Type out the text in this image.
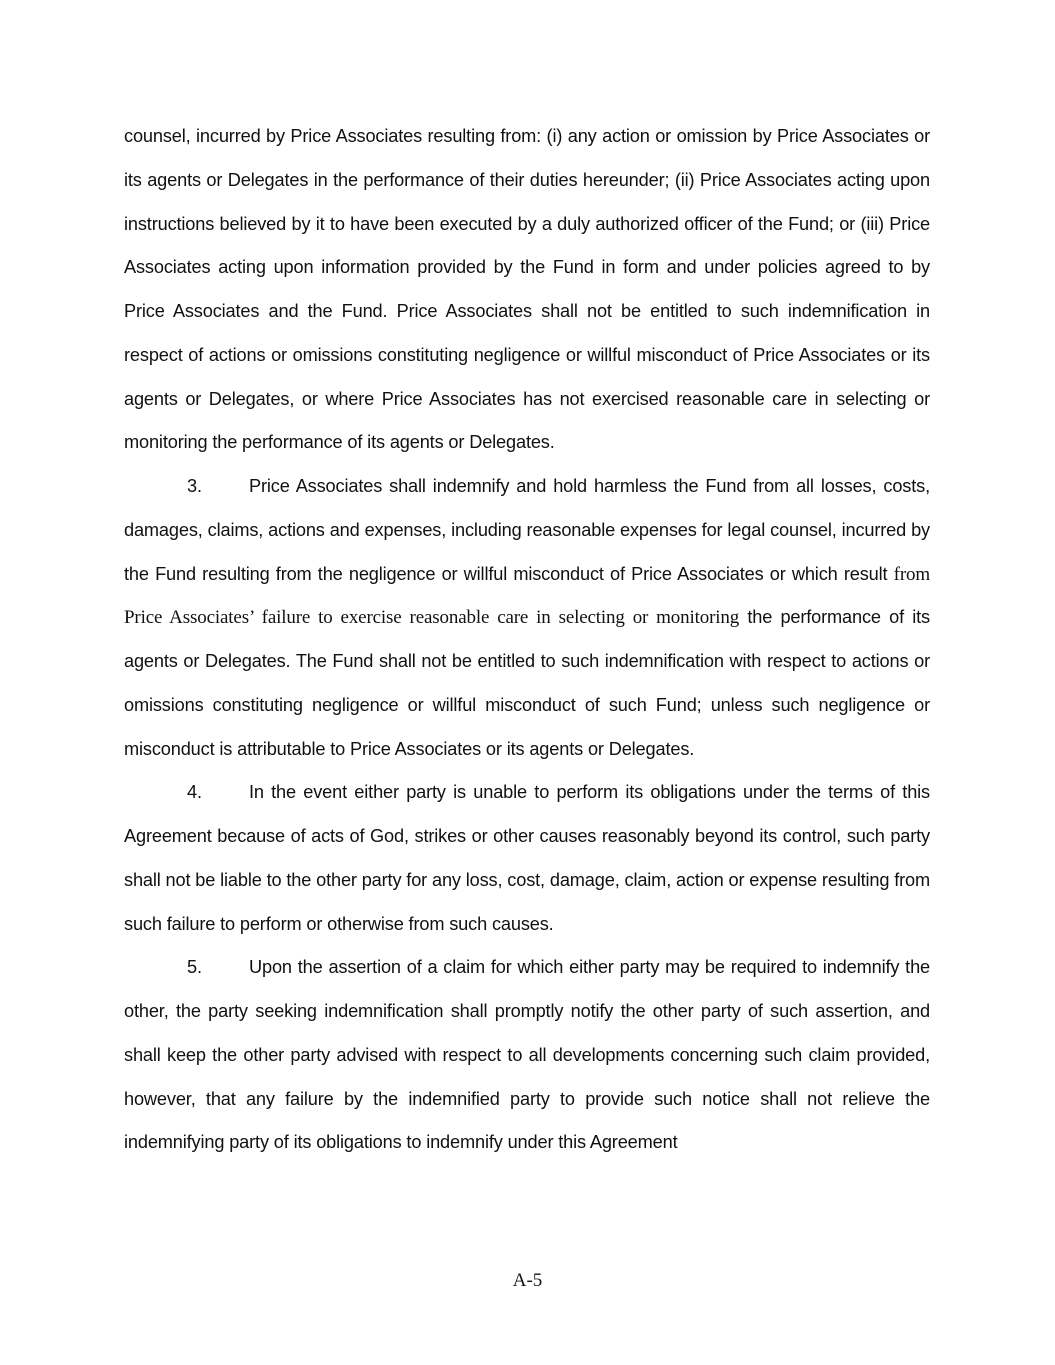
counsel, incurred by Price Associates resulting from: (i) any action or omission by Price Associates or its agents or Delegates in the performance of their duties hereunder; (ii) Price Associates acting upon instructions believed by it to have been executed by a duly authorized officer of the Fund; or (iii) Price Associates acting upon information provided by the Fund in form and under policies agreed to by Price Associates and the Fund. Price Associates shall not be entitled to such indemnification in respect of actions or omissions constituting negligence or willful misconduct of Price Associates or its agents or Delegates, or where Price Associates has not exercised reasonable care in selecting or monitoring the performance of its agents or Delegates.

3.	Price Associates shall indemnify and hold harmless the Fund from all losses, costs, damages, claims, actions and expenses, including reasonable expenses for legal counsel, incurred by the Fund resulting from the negligence or willful misconduct of Price Associates or which result from Price Associates’ failure to exercise reasonable care in selecting or monitoring the performance of its agents or Delegates. The Fund shall not be entitled to such indemnification with respect to actions or omissions constituting negligence or willful misconduct of such Fund; unless such negligence or misconduct is attributable to Price Associates or its agents or Delegates.

4.	In the event either party is unable to perform its obligations under the terms of this Agreement because of acts of God, strikes or other causes reasonably beyond its control, such party shall not be liable to the other party for any loss, cost, damage, claim, action or expense resulting from such failure to perform or otherwise from such causes.

5.	Upon the assertion of a claim for which either party may be required to indemnify the other, the party seeking indemnification shall promptly notify the other party of such assertion, and shall keep the other party advised with respect to all developments concerning such claim provided, however, that any failure by the indemnified party to provide such notice shall not relieve the indemnifying party of its obligations to indemnify under this Agreement

A-5
